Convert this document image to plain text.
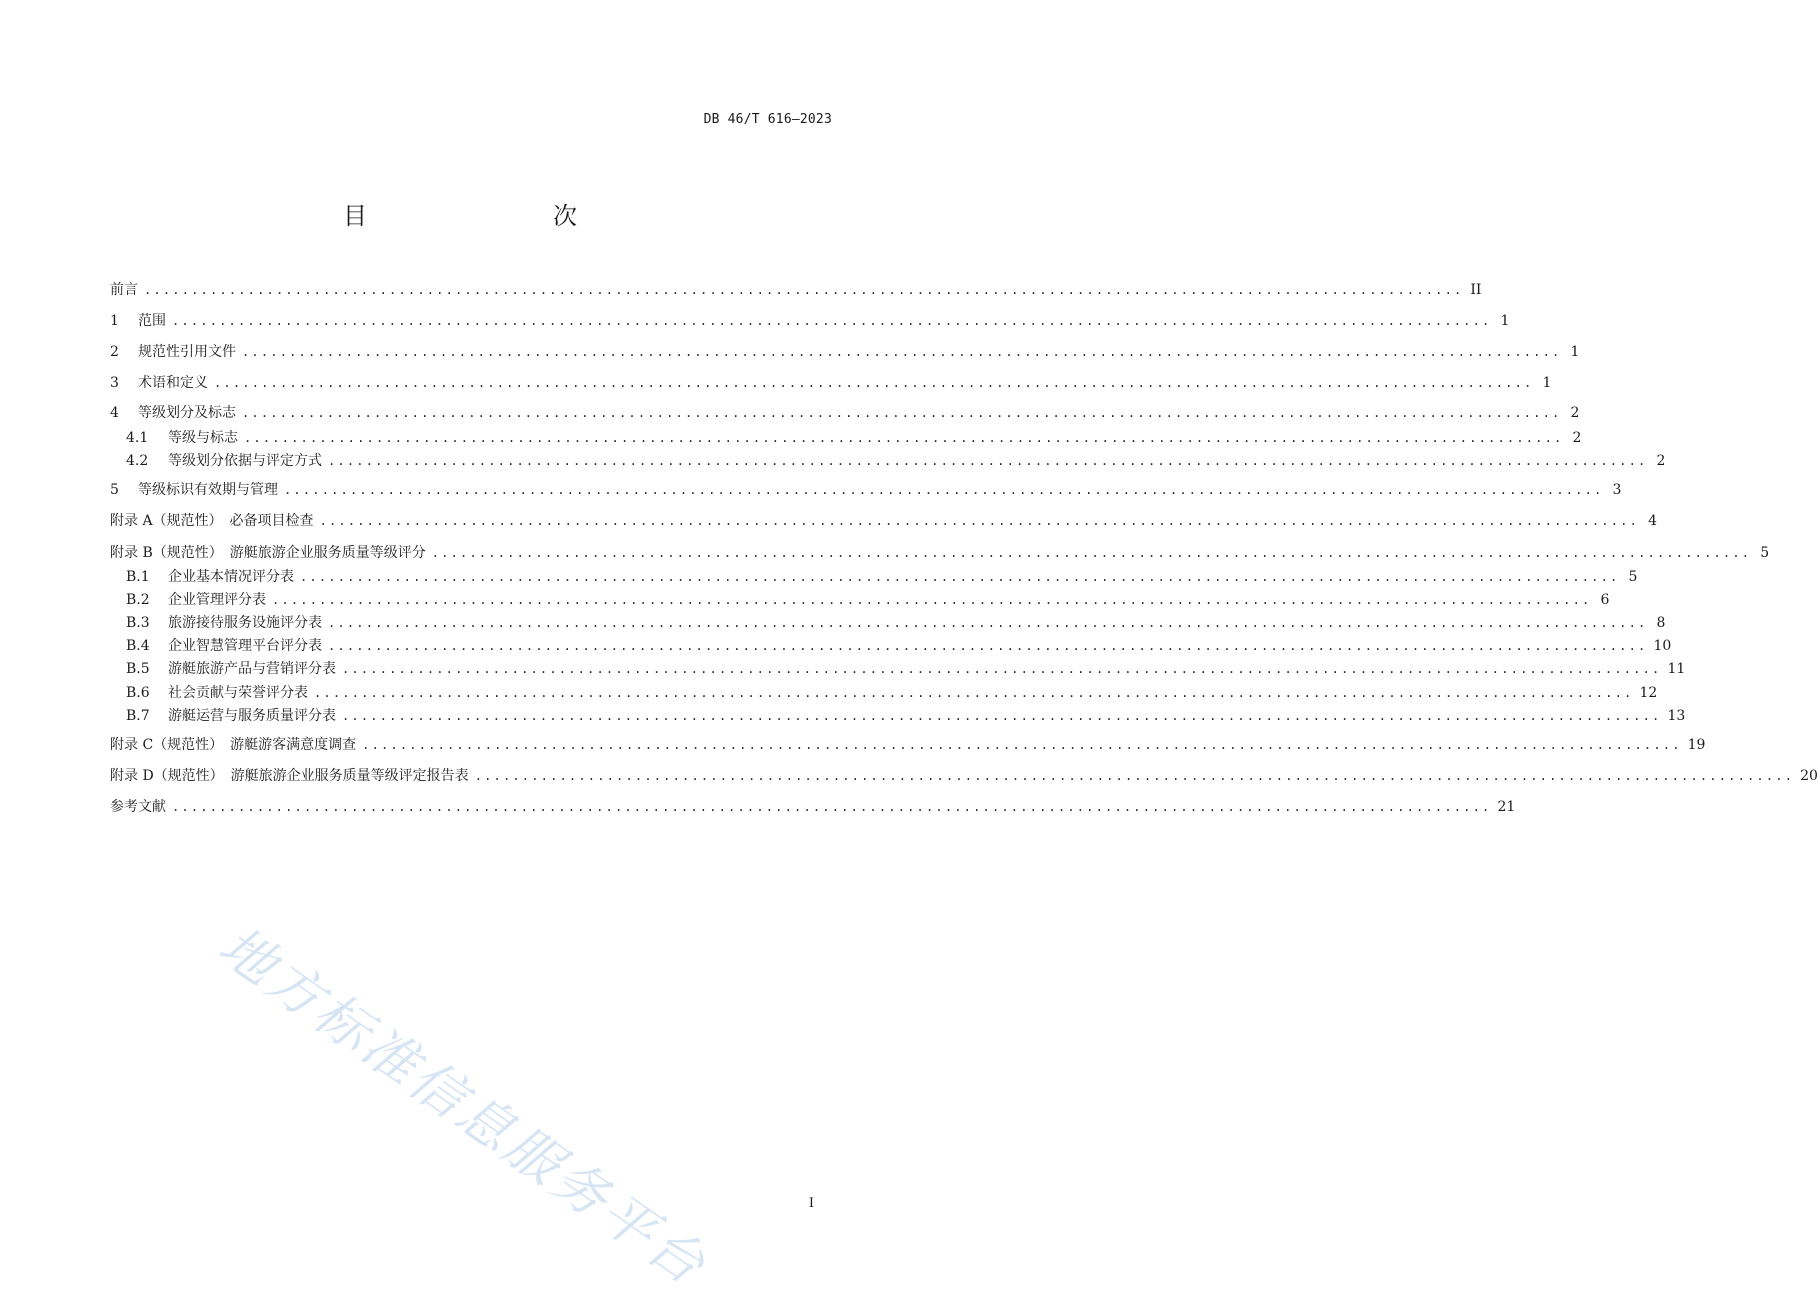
DB 46/T 616—2023
目　　次
前言 ............................................................................................................................................ II
1	范围 ............................................................................................................................................ 1
2	规范性引用文件 ............................................................................................................................................ 1
3	术语和定义 ............................................................................................................................................ 1
4	等级划分及标志 ............................................................................................................................................ 2
4.1	等级与标志 ............................................................................................................................................ 2
4.2	等级划分依据与评定方式 ............................................................................................................................................ 2
5	等级标识有效期与管理 ............................................................................................................................................ 3
附录 A（规范性）　必备项目检查 ............................................................................................................................................ 4
附录 B（规范性）　游艇旅游企业服务质量等级评分 ............................................................................................................................................ 5
B.1	企业基本情况评分表 ............................................................................................................................................ 5
B.2	企业管理评分表 ............................................................................................................................................ 6
B.3	旅游接待服务设施评分表 ............................................................................................................................................ 8
B.4	企业智慧管理平台评分表 ............................................................................................................................................ 10
B.5	游艇旅游产品与营销评分表 ............................................................................................................................................ 11
B.6	社会贡献与荣誉评分表 ............................................................................................................................................ 12
B.7	游艇运营与服务质量评分表 ............................................................................................................................................ 13
附录 C（规范性）　游艇游客满意度调查 ............................................................................................................................................ 19
附录 D（规范性）　游艇旅游企业服务质量等级评定报告表 ............................................................................................................................................ 20
参考文献 ............................................................................................................................................ 21
地方标准信息服务平台	I
